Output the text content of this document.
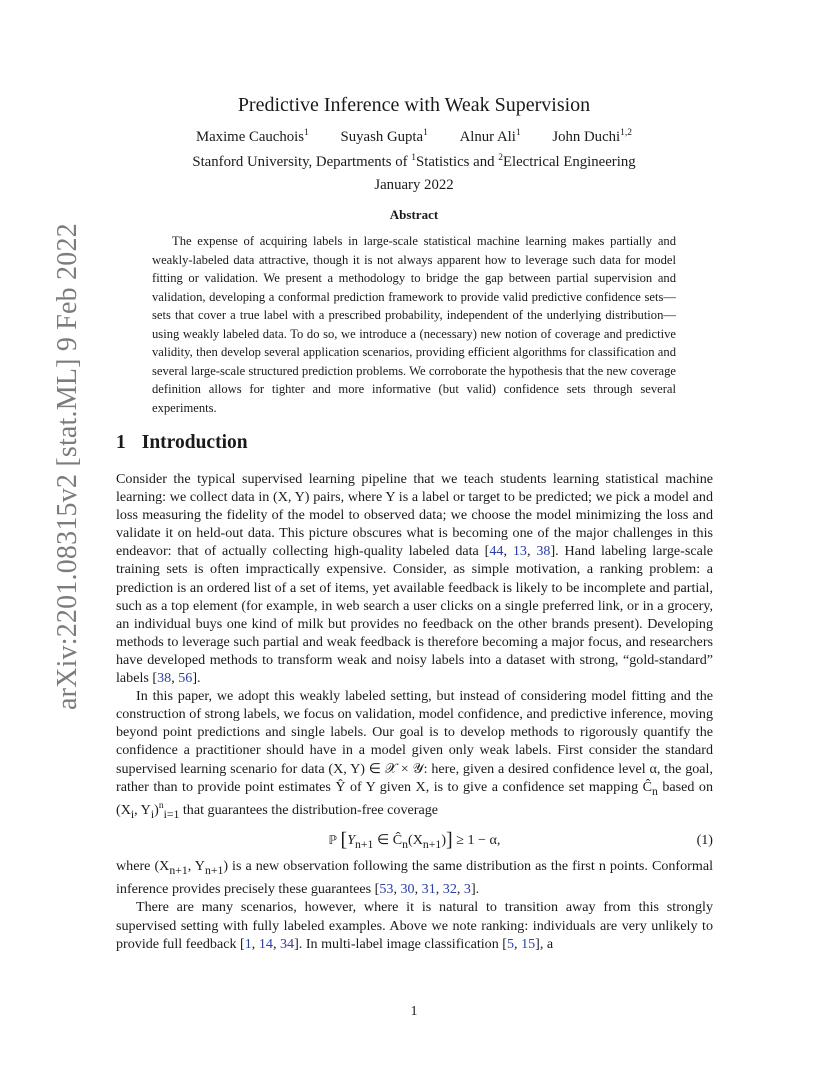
arXiv:2201.08315v2 [stat.ML] 9 Feb 2022
Predictive Inference with Weak Supervision
Maxime Cauchois$^1$ Suyash Gupta$^1$ Alnur Ali$^1$ John Duchi$^{1,2}$
Stanford University, Departments of $^1$Statistics and $^2$Electrical Engineering
January 2022
Abstract

The expense of acquiring labels in large-scale statistical machine learning makes partially and weakly-labeled data attractive, though it is not always apparent how to leverage such data for model fitting or validation. We present a methodology to bridge the gap between partial supervision and validation, developing a conformal prediction framework to provide valid predictive confidence sets—sets that cover a true label with a prescribed probability, independent of the underlying distribution—using weakly labeled data. To do so, we introduce a (necessary) new notion of coverage and predictive validity, then develop several application scenarios, providing efficient algorithms for classification and several large-scale structured prediction problems. We corroborate the hypothesis that the new coverage definition allows for tighter and more informative (but valid) confidence sets through several experiments.

1 Introduction

Consider the typical supervised learning pipeline that we teach students learning statistical machine learning: we collect data in (X, Y) pairs, where Y is a label or target to be predicted; we pick a model and loss measuring the fidelity of the model to observed data; we choose the model minimizing the loss and validate it on held-out data. This picture obscures what is becoming one of the major challenges in this endeavor: that of actually collecting high-quality labeled data [44, 13, 38]. Hand labeling large-scale training sets is often impractically expensive. Consider, as simple motivation, a ranking problem: a prediction is an ordered list of a set of items, yet available feedback is likely to be incomplete and partial, such as a top element (for example, in web search a user clicks on a single preferred link, or in a grocery, an individual buys one kind of milk but provides no feedback on the other brands present). Developing methods to leverage such partial and weak feedback is therefore becoming a major focus, and researchers have developed methods to transform weak and noisy labels into a dataset with strong, “gold-standard” labels [38, 56].

In this paper, we adopt this weakly labeled setting, but instead of considering model fitting and the construction of strong labels, we focus on validation, model confidence, and predictive inference, moving beyond point predictions and single labels. Our goal is to develop methods to rigorously quantify the confidence a practitioner should have in a model given only weak labels. First consider the standard supervised learning scenario for data (X, Y) ∈ 𝒳 × 𝒴: here, given a desired confidence level α, the goal, rather than to provide point estimates Ŷ of Y given X, is to give a confidence set mapping $Ĉ_n$ based on ($X_i$, $Y_i)^n_{i=1}$ that guarantees the distribution-free coverage

ℙ [$Y_{n+1}$ ∈ $Ĉ_n(X_{n+1})] \ge 1 - \alpha$,	(1)

where ($X_{n+1}$, $Y_{n+1}$) is a new observation following the same distribution as the first n points. Conformal inference provides precisely these guarantees [53, 30, 31, 32, 3].

There are many scenarios, however, where it is natural to transition away from this strongly supervised setting with fully labeled examples. Above we note ranking: individuals are very unlikely to provide full feedback [1, 14, 34]. In multi-label image classification [5, 15], a

1
